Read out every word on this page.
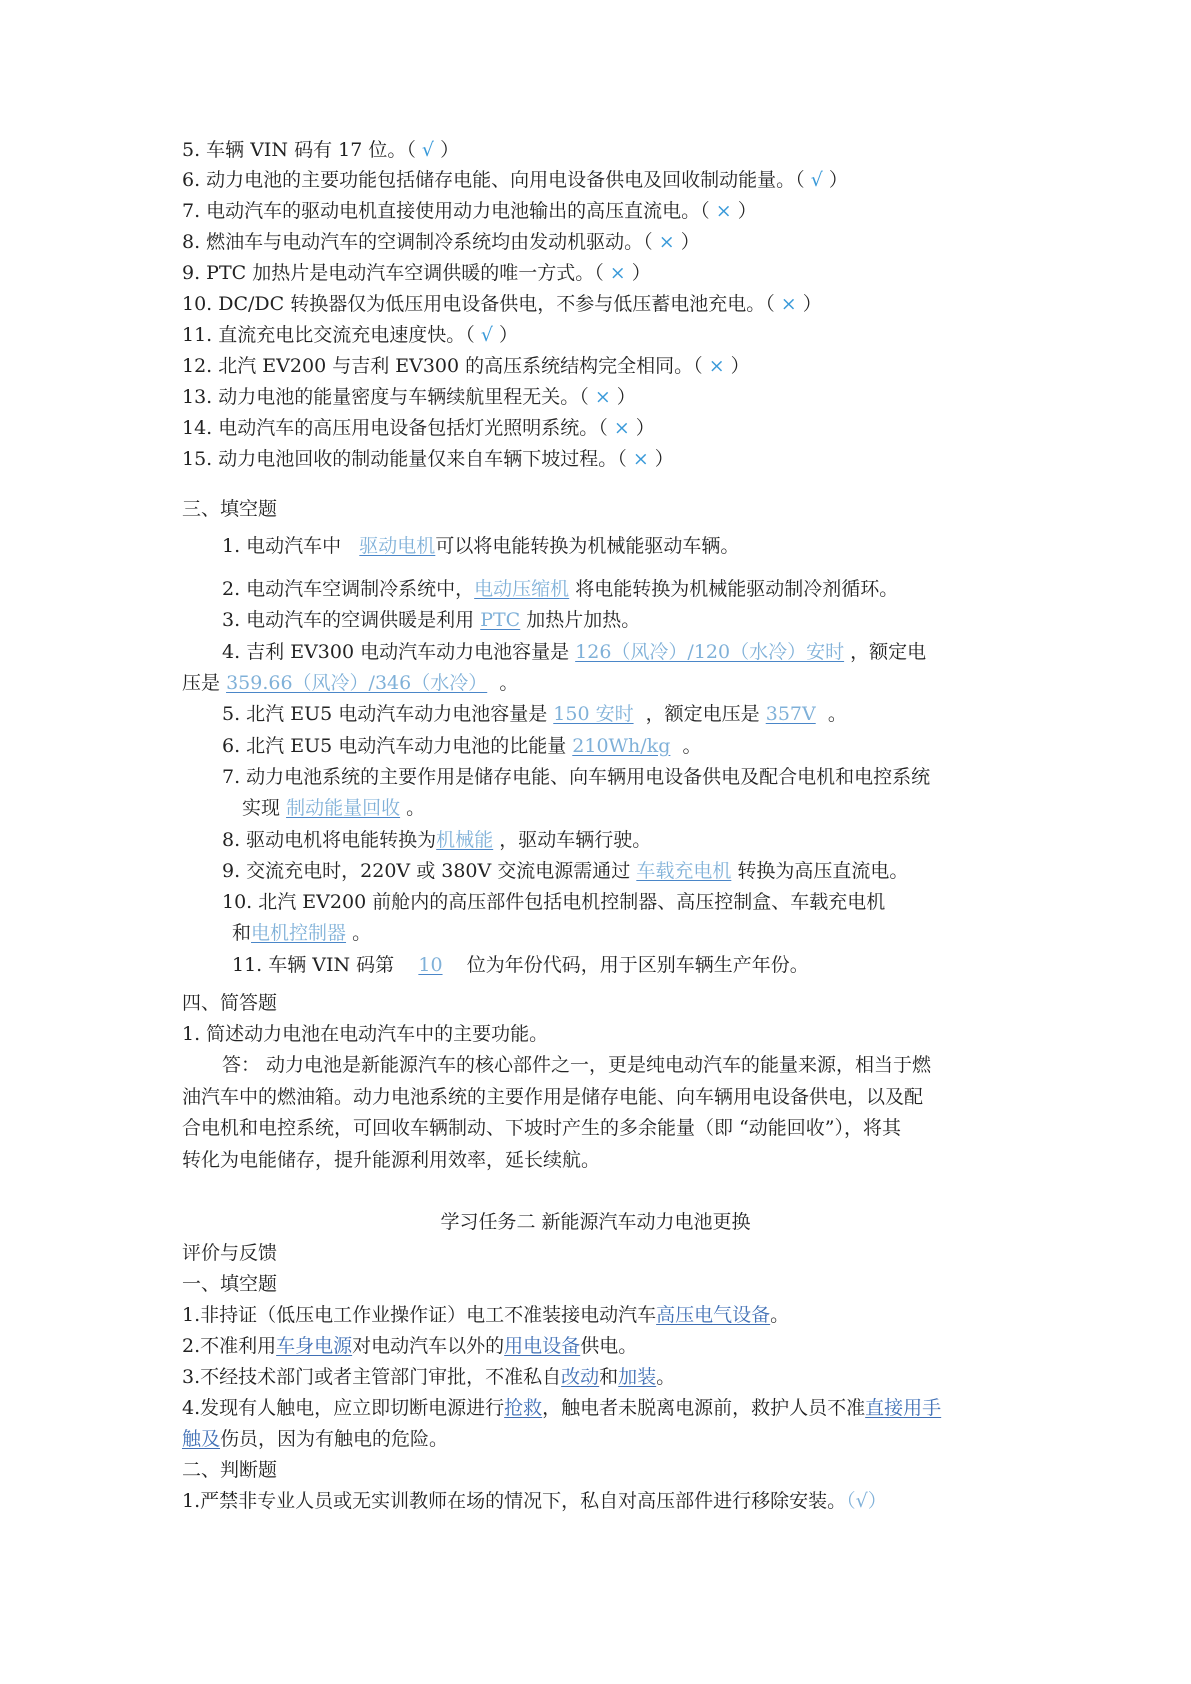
5. 车辆 VIN 码有 17 位。（ √ ）
6. 动力电池的主要功能包括储存电能、向用电设备供电及回收制动能量。（ √ ）
7. 电动汽车的驱动电机直接使用动力电池输出的高压直流电。（ × ）
8. 燃油车与电动汽车的空调制冷系统均由发动机驱动。（ × ）
9. PTC 加热片是电动汽车空调供暖的唯一方式。（ × ）
10. DC/DC 转换器仅为低压用电设备供电，不参与低压蓄电池充电。（ × ）
11. 直流充电比交流充电速度快。（ √ ）
12. 北汽 EV200 与吉利 EV300 的高压系统结构完全相同。（ × ）
13. 动力电池的能量密度与车辆续航里程无关。（ × ）
14. 电动汽车的高压用电设备包括灯光照明系统。（ × ）
15. 动力电池回收的制动能量仅来自车辆下坡过程。（ × ）
三、填空题
1. 电动汽车中 驱动电机可以将电能转换为机械能驱动车辆。
2. 电动汽车空调制冷系统中，电动压缩机 将电能转换为机械能驱动制冷剂循环。
3. 电动汽车的空调供暖是利用 PTC 加热片加热。
4. 吉利 EV300 电动汽车动力电池容量是 126（风冷）/120（水冷）安时 ，额定电
压是 359.66（风冷）/346（水冷） 。
5. 北汽 EU5 电动汽车动力电池容量是 150 安时 ，额定电压是 357V 。
6. 北汽 EU5 电动汽车动力电池的比能量 210Wh/kg 。
7. 动力电池系统的主要作用是储存电能、向车辆用电设备供电及配合电机和电控系统
实现 制动能量回收 。
8. 驱动电机将电能转换为机械能 ，驱动车辆行驶。
9. 交流充电时，220V 或 380V 交流电源需通过 车载充电机 转换为高压直流电。
10. 北汽 EV200 前舱内的高压部件包括电机控制器、高压控制盒、车载充电机
和电机控制器 。
11. 车辆 VIN 码第 10 位为年份代码，用于区别车辆生产年份。
四、简答题
1. 简述动力电池在电动汽车中的主要功能。
答： 动力电池是新能源汽车的核心部件之一，更是纯电动汽车的能量来源，相当于燃
油汽车中的燃油箱。动力电池系统的主要作用是储存电能、向车辆用电设备供电，以及配
合电机和电控系统，可回收车辆制动、下坡时产生的多余能量（即 “动能回收”），将其
转化为电能储存，提升能源利用效率，延长续航。
学习任务二 新能源汽车动力电池更换
评价与反馈
一、填空题
1.非持证（低压电工作业操作证）电工不准装接电动汽车高压电气设备。
2.不准利用车身电源对电动汽车以外的用电设备供电。
3.不经技术部门或者主管部门审批，不准私自改动和加装。
4.发现有人触电，应立即切断电源进行抢救，触电者未脱离电源前，救护人员不准直接用手
触及伤员，因为有触电的危险。
二、判断题
1.严禁非专业人员或无实训教师在场的情况下，私自对高压部件进行移除安装。（√）
